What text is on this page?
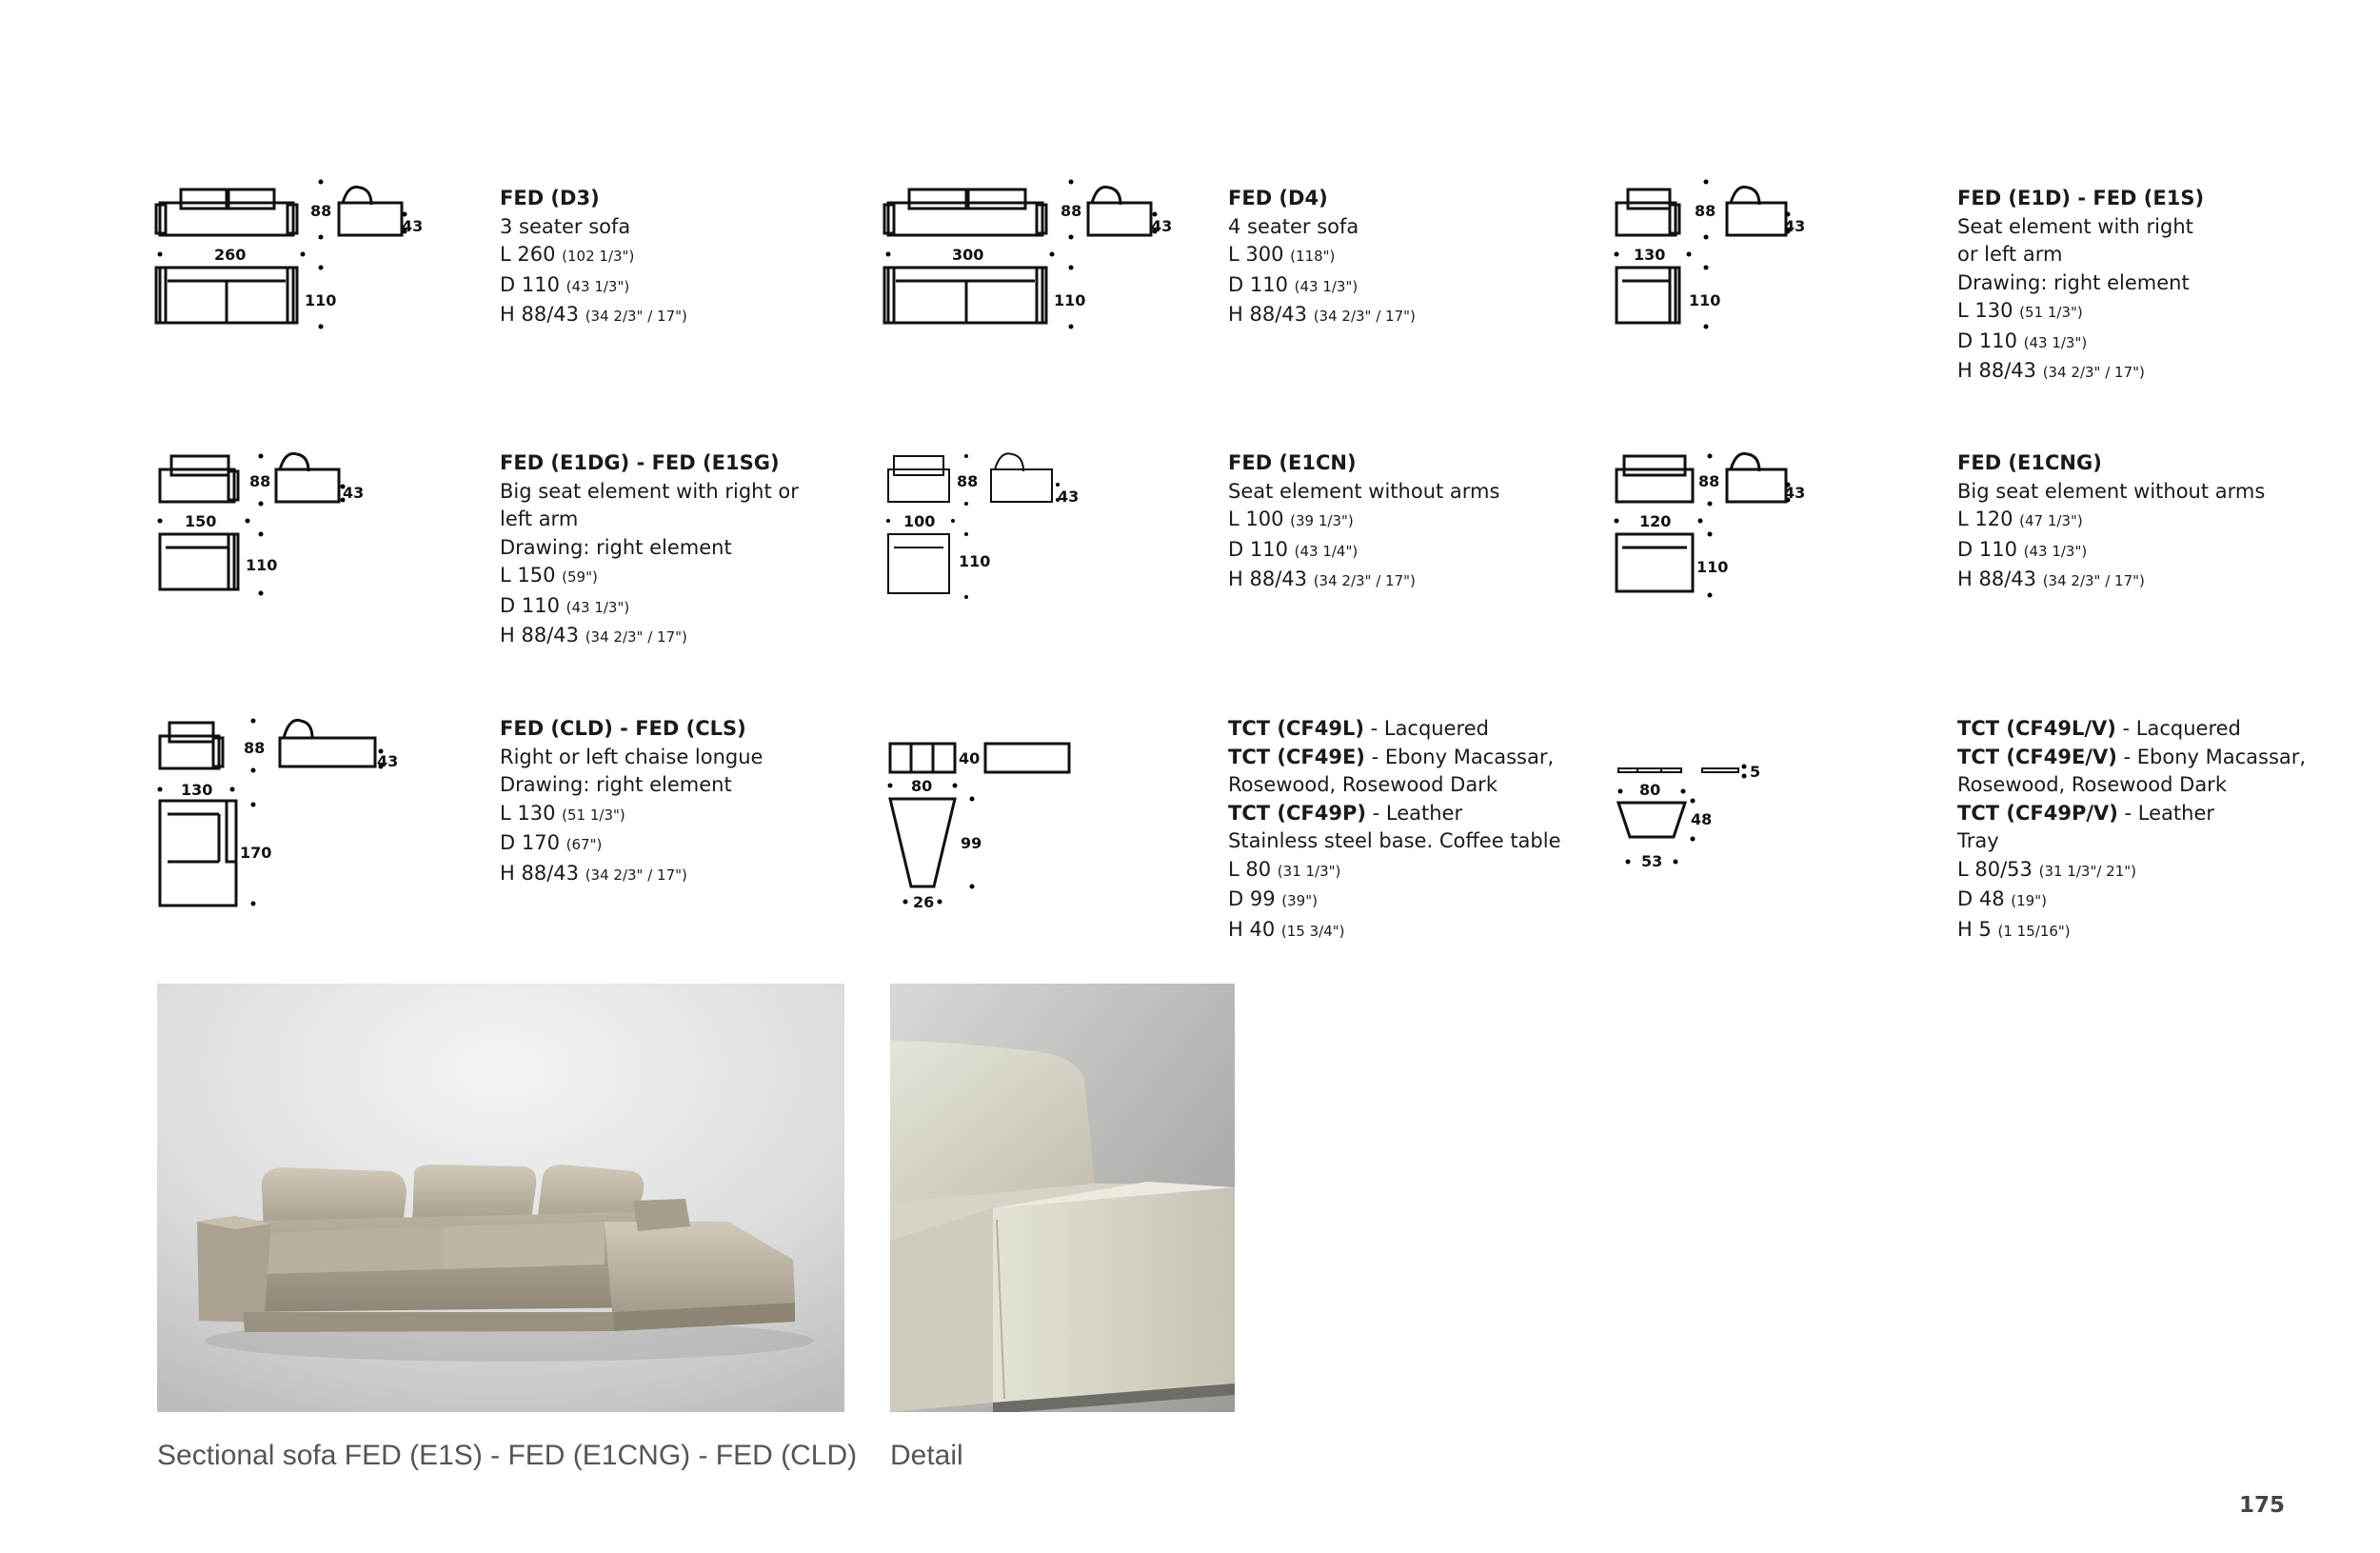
88
43
260
110
88
43
300
110
88
43
130
110
88
43
150
110
88
43
100
110
88
43
120
110
88
43
130
170
40
80
99
26
5
80
48
53
FED (D3)
3 seater sofa
L 260 (102 1/3")
D 110 (43 1/3")
H 88/43 (34 2/3" / 17")
FED (D4)
4 seater sofa
L 300 (118")
D 110 (43 1/3")
H 88/43 (34 2/3" / 17")
FED (E1D) - FED (E1S)
Seat element with right
or left arm
Drawing: right element
L 130 (51 1/3")
D 110 (43 1/3")
H 88/43 (34 2/3" / 17")
FED (E1DG) - FED (E1SG)
Big seat element with right or
left arm
Drawing: right element
L 150 (59")
D 110 (43 1/3")
H 88/43 (34 2/3" / 17")
FED (E1CN)
Seat element without arms
L 100 (39 1/3")
D 110 (43 1/4")
H 88/43 (34 2/3" / 17")
FED (E1CNG)
Big seat element without arms
L 120 (47 1/3")
D 110 (43 1/3")
H 88/43 (34 2/3" / 17")
FED (CLD) - FED (CLS)
Right or left chaise longue
Drawing: right element
L 130 (51 1/3")
D 170 (67")
H 88/43 (34 2/3" / 17")
TCT (CF49L) - Lacquered
TCT (CF49E) - Ebony Macassar,
Rosewood, Rosewood Dark
TCT (CF49P) - Leather
Stainless steel base. Coffee table
L 80 (31 1/3")
D 99 (39")
H 40 (15 3/4")
TCT (CF49L/V) - Lacquered
TCT (CF49E/V) - Ebony Macassar,
Rosewood, Rosewood Dark
TCT (CF49P/V) - Leather
Tray
L 80/53 (31 1/3"/ 21")
D 48 (19")
H 5 (1 15/16")
Sectional sofa FED (E1S) - FED (E1CNG) - FED (CLD) Detail
175
